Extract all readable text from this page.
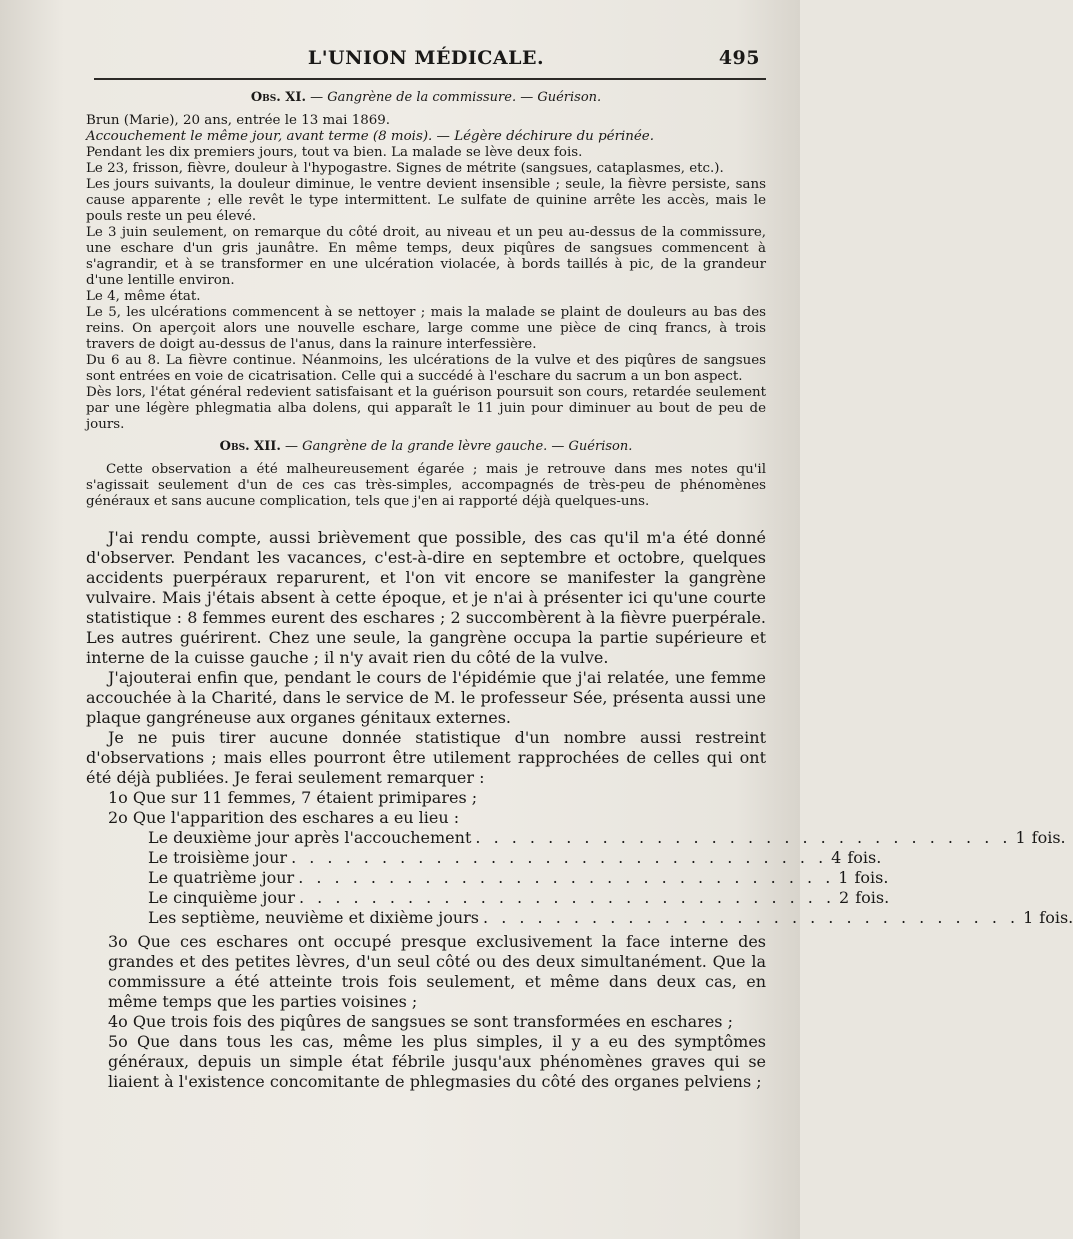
L'UNION MÉDICALE.	495
Obs. XI. — Gangrène de la commissure. — Guérison.

Brun (Marie), 20 ans, entrée le 13 mai 1869.

Accouchement le même jour, avant terme (8 mois). — Légère déchirure du périnée.

Pendant les dix premiers jours, tout va bien. La malade se lève deux fois.

Le 23, frisson, fièvre, douleur à l'hypogastre. Signes de métrite (sangsues, cataplasmes, etc.).

Les jours suivants, la douleur diminue, le ventre devient insensible ; seule, la fièvre persiste, sans cause apparente ; elle revêt le type intermittent. Le sulfate de quinine arrête les accès, mais le pouls reste un peu élevé.

Le 3 juin seulement, on remarque du côté droit, au niveau et un peu au-dessus de la commissure, une eschare d'un gris jaunâtre. En même temps, deux piqûres de sangsues commencent à s'agrandir, et à se transformer en une ulcération violacée, à bords taillés à pic, de la grandeur d'une lentille environ.

Le 4, même état.

Le 5, les ulcérations commencent à se nettoyer ; mais la malade se plaint de douleurs au bas des reins. On aperçoit alors une nouvelle eschare, large comme une pièce de cinq francs, à trois travers de doigt au-dessus de l'anus, dans la rainure interfessière.

Du 6 au 8. La fièvre continue. Néanmoins, les ulcérations de la vulve et des piqûres de sangsues sont entrées en voie de cicatrisation. Celle qui a succédé à l'eschare du sacrum a un bon aspect.

Dès lors, l'état général redevient satisfaisant et la guérison poursuit son cours, retardée seulement par une légère phlegmatia alba dolens, qui apparaît le 11 juin pour diminuer au bout de peu de jours.

Obs. XII. — Gangrène de la grande lèvre gauche. — Guérison.

Cette observation a été malheureusement égarée ; mais je retrouve dans mes notes qu'il s'agissait seulement d'un de ces cas très-simples, accompagnés de très-peu de phénomènes généraux et sans aucune complication, tels que j'en ai rapporté déjà quelques-uns.

J'ai rendu compte, aussi brièvement que possible, des cas qu'il m'a été donné d'observer. Pendant les vacances, c'est-à-dire en septembre et octobre, quelques accidents puerpéraux reparurent, et l'on vit encore se manifester la gangrène vulvaire. Mais j'étais absent à cette époque, et je n'ai à présenter ici qu'une courte statistique : 8 femmes eurent des eschares ; 2 succombèrent à la fièvre puerpérale. Les autres guérirent. Chez une seule, la gangrène occupa la partie supérieure et interne de la cuisse gauche ; il n'y avait rien du côté de la vulve.

J'ajouterai enfin que, pendant le cours de l'épidémie que j'ai relatée, une femme accouchée à la Charité, dans le service de M. le professeur Sée, présenta aussi une plaque gangréneuse aux organes génitaux externes.

Je ne puis tirer aucune donnée statistique d'un nombre aussi restreint d'observations ; mais elles pourront être utilement rapprochées de celles qui ont été déjà publiées. Je ferai seulement remarquer :

1o Que sur 11 femmes, 7 étaient primipares ;
2o Que l'apparition des eschares a eu lieu :
Le deuxième jour après l'accouchement . . . . . . . . . . . . . . . . . . . . . . . . . . . . . . 1 fois.
Le troisième jour . . . . . . . . . . . . . . . . . . . . . . . . . . . . . . 4 fois.
Le quatrième jour . . . . . . . . . . . . . . . . . . . . . . . . . . . . . . 1 fois.
Le cinquième jour . . . . . . . . . . . . . . . . . . . . . . . . . . . . . . 2 fois.
Les septième, neuvième et dixième jours . . . . . . . . . . . . . . . . . . . . . . . . . . . . . . 1 fois.
3o Que ces eschares ont occupé presque exclusivement la face interne des grandes et des petites lèvres, d'un seul côté ou des deux simultanément. Que la commissure a été atteinte trois fois seulement, et même dans deux cas, en même temps que les parties voisines ;
4o Que trois fois des piqûres de sangsues se sont transformées en eschares ;
5o Que dans tous les cas, même les plus simples, il y a eu des symptômes généraux, depuis un simple état fébrile jusqu'aux phénomènes graves qui se liaient à l'existence concomitante de phlegmasies du côté des organes pelviens ;
